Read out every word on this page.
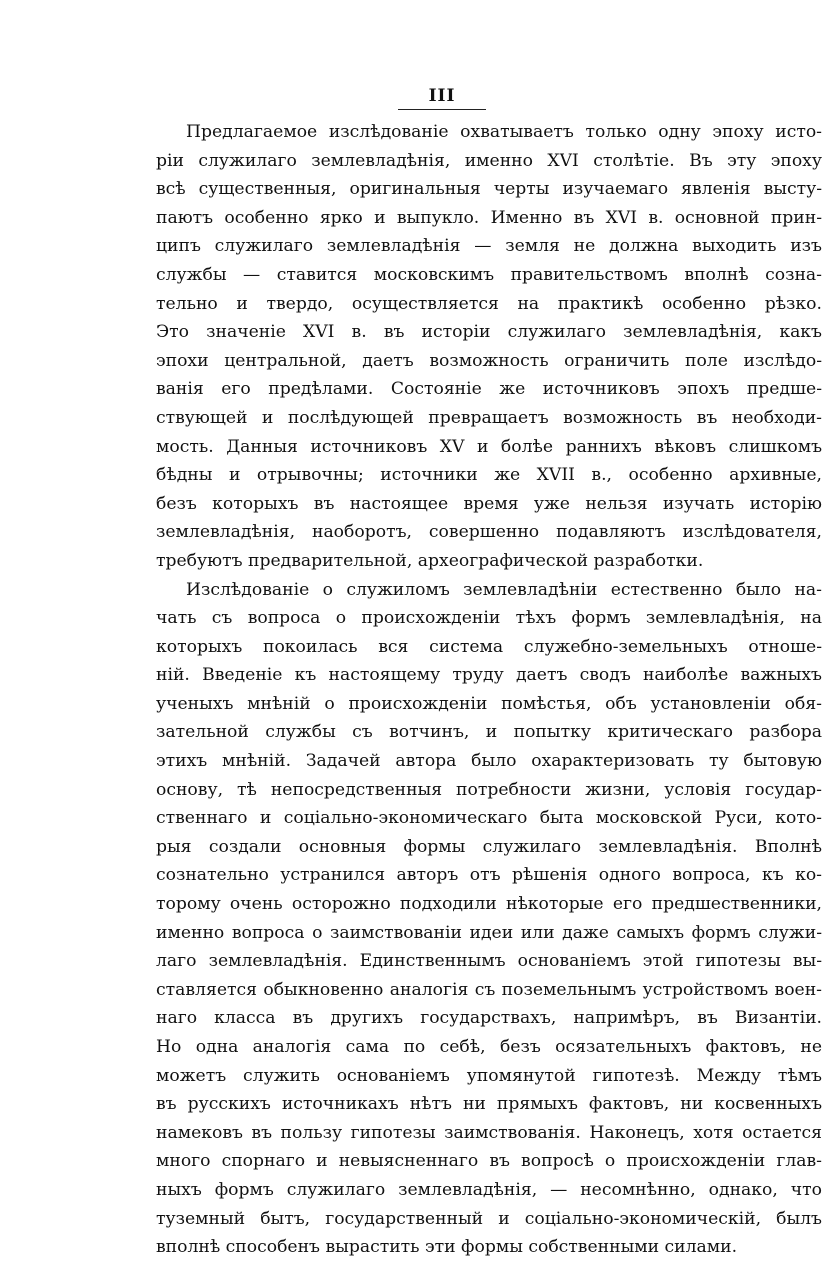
III
Предлагаемое изслѣдованіе охватываетъ только одну эпоху исто-
ріи служилаго землевладѣнія, именно XVI столѣтіе. Въ эту эпоху
всѣ существенныя, оригинальныя черты изучаемаго явленія высту-
паютъ особенно ярко и выпукло. Именно въ XVI в. основной прин-
ципъ служилаго землевладѣнія — земля не должна выходить изъ
службы — ставится московскимъ правительствомъ вполнѣ созна-
тельно и твердо, осуществляется на практикѣ особенно рѣзко.
Это значеніе XVI в. въ исторіи служилаго землевладѣнія, какъ
эпохи центральной, даетъ возможность ограничить поле изслѣдо-
ванія его предѣлами. Состояніе же источниковъ эпохъ предше-
ствующей и послѣдующей превращаетъ возможность въ необходи-
мость. Данныя источниковъ XV и болѣе раннихъ вѣковъ слишкомъ
бѣдны и отрывочны; источники же XVII в., особенно архивные,
безъ которыхъ въ настоящее время уже нельзя изучать исторію
землевладѣнія, наоборотъ, совершенно подавляютъ изслѣдователя,
требуютъ предварительной, археографической разработки.
Изслѣдованіе о служиломъ землевладѣніи естественно было на-
чать съ вопроса о происхожденіи тѣхъ формъ землевладѣнія, на
которыхъ покоилась вся система служебно-земельныхъ отноше-
ній. Введеніе къ настоящему труду даетъ сводъ наиболѣе важныхъ
ученыхъ мнѣній о происхожденіи помѣстья, объ установленіи обя-
зательной службы съ вотчинъ, и попытку критическаго разбора
этихъ мнѣній. Задачей автора было охарактеризовать ту бытовую
основу, тѣ непосредственныя потребности жизни, условія государ-
ственнаго и соціально-экономическаго быта московской Руси, кото-
рыя создали основныя формы служилаго землевладѣнія. Вполнѣ
сознательно устранился авторъ отъ рѣшенія одного вопроса, къ ко-
торому очень осторожно подходили нѣкоторые его предшественники,
именно вопроса о заимствованіи идеи или даже самыхъ формъ служи-
лаго землевладѣнія. Единственнымъ основаніемъ этой гипотезы вы-
ставляется обыкновенно аналогія съ поземельнымъ устройствомъ воен-
наго класса въ другихъ государствахъ, напримѣръ, въ Византіи.
Но одна аналогія сама по себѣ, безъ осязательныхъ фактовъ, не
можетъ служить основаніемъ упомянутой гипотезѣ. Между тѣмъ
въ русскихъ источникахъ нѣтъ ни прямыхъ фактовъ, ни косвенныхъ
намековъ въ пользу гипотезы заимствованія. Наконецъ, хотя остается
много спорнаго и невыясненнаго въ вопросѣ о происхожденіи глав-
ныхъ формъ служилаго землевладѣнія, — несомнѣнно, однако, что
туземный бытъ, государственный и соціально-экономическій, былъ
вполнѣ способенъ вырастить эти формы собственными силами.
